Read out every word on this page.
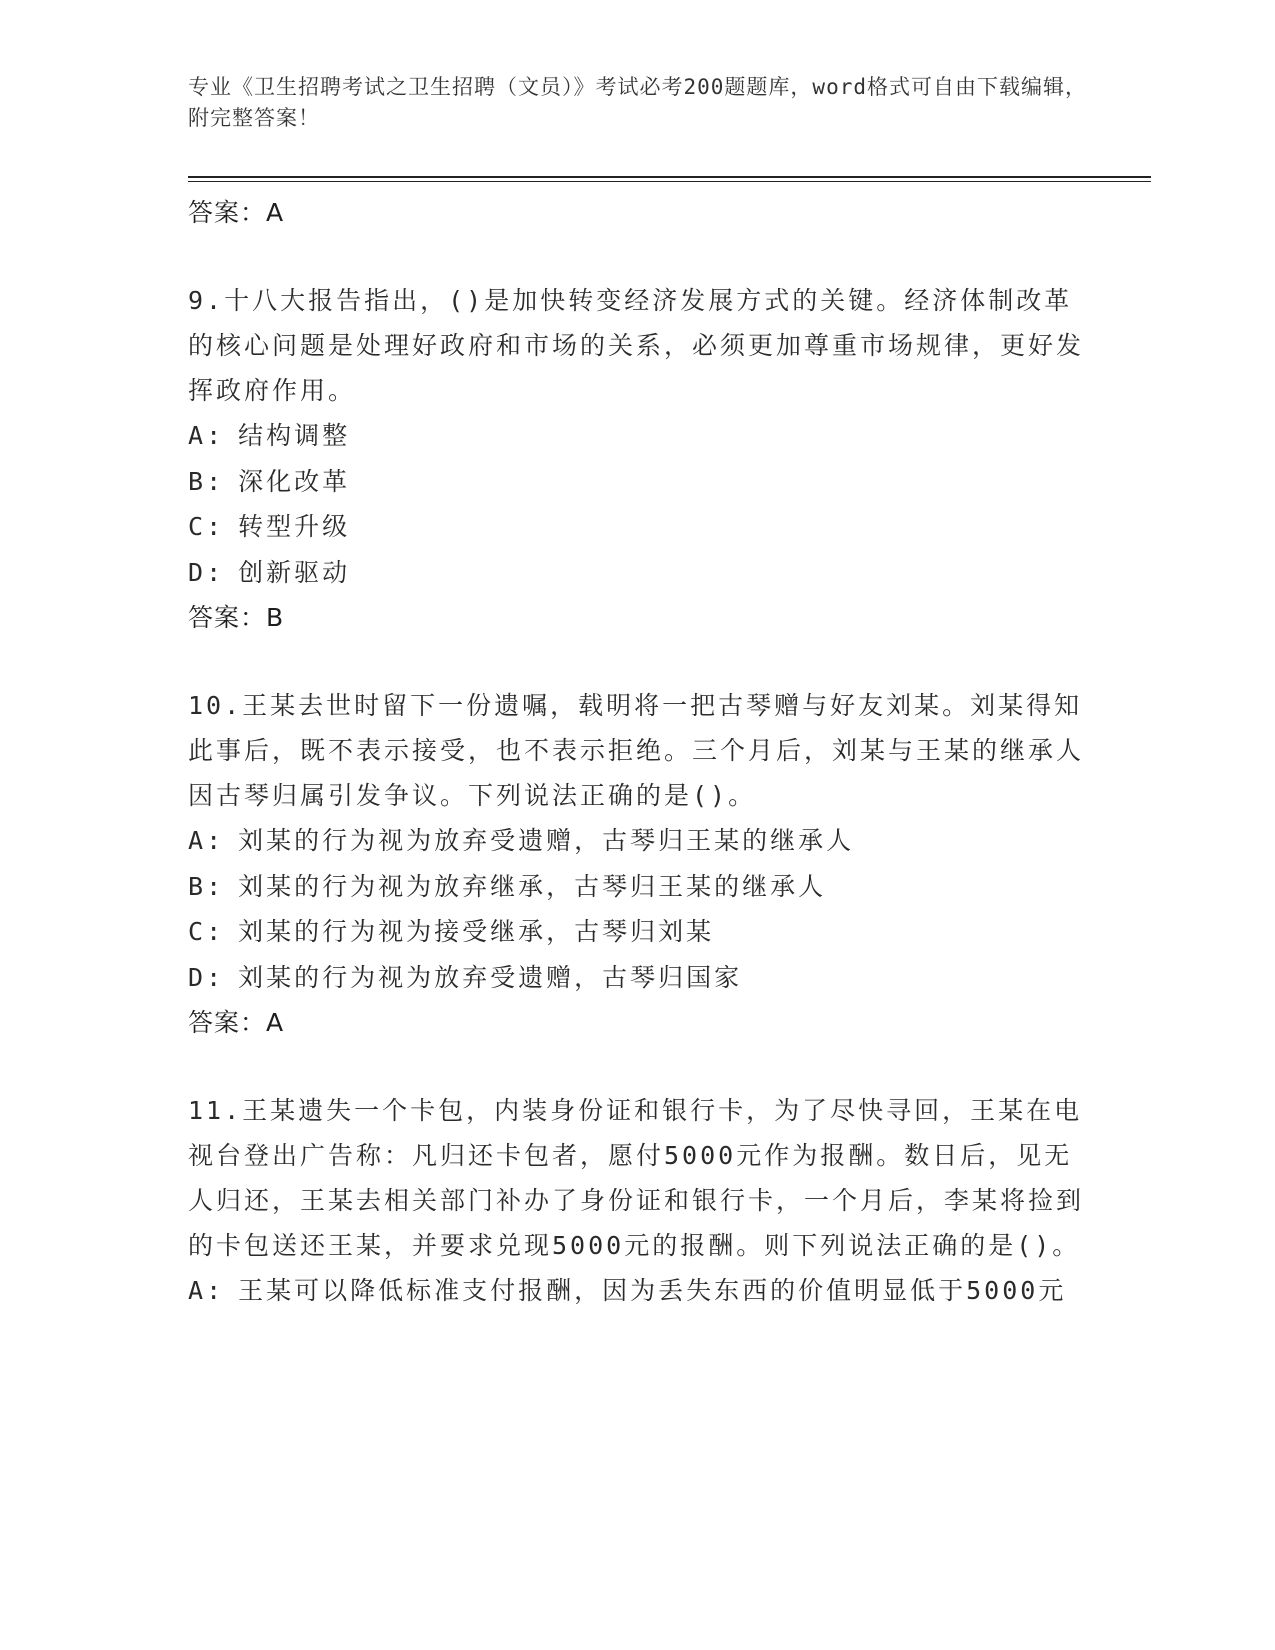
专业《卫生招聘考试之卫生招聘（文员）》考试必考200题题库，word格式可自由下载编辑，附完整答案！
答案：A
9.十八大报告指出，()是加快转变经济发展方式的关键。经济体制改革的核心问题是处理好政府和市场的关系，必须更加尊重市场规律，更好发挥政府作用。
A: 结构调整
B: 深化改革
C: 转型升级
D: 创新驱动
答案：B
10.王某去世时留下一份遗嘱，载明将一把古琴赠与好友刘某。刘某得知此事后，既不表示接受，也不表示拒绝。三个月后，刘某与王某的继承人因古琴归属引发争议。下列说法正确的是()。
A: 刘某的行为视为放弃受遗赠，古琴归王某的继承人
B: 刘某的行为视为放弃继承，古琴归王某的继承人
C: 刘某的行为视为接受继承，古琴归刘某
D: 刘某的行为视为放弃受遗赠，古琴归国家
答案：A
11.王某遗失一个卡包，内装身份证和银行卡，为了尽快寻回，王某在电视台登出广告称：凡归还卡包者，愿付5000元作为报酬。数日后，见无人归还，王某去相关部门补办了身份证和银行卡，一个月后，李某将捡到的卡包送还王某，并要求兑现5000元的报酬。则下列说法正确的是()。
A: 王某可以降低标准支付报酬，因为丢失东西的价值明显低于5000元
